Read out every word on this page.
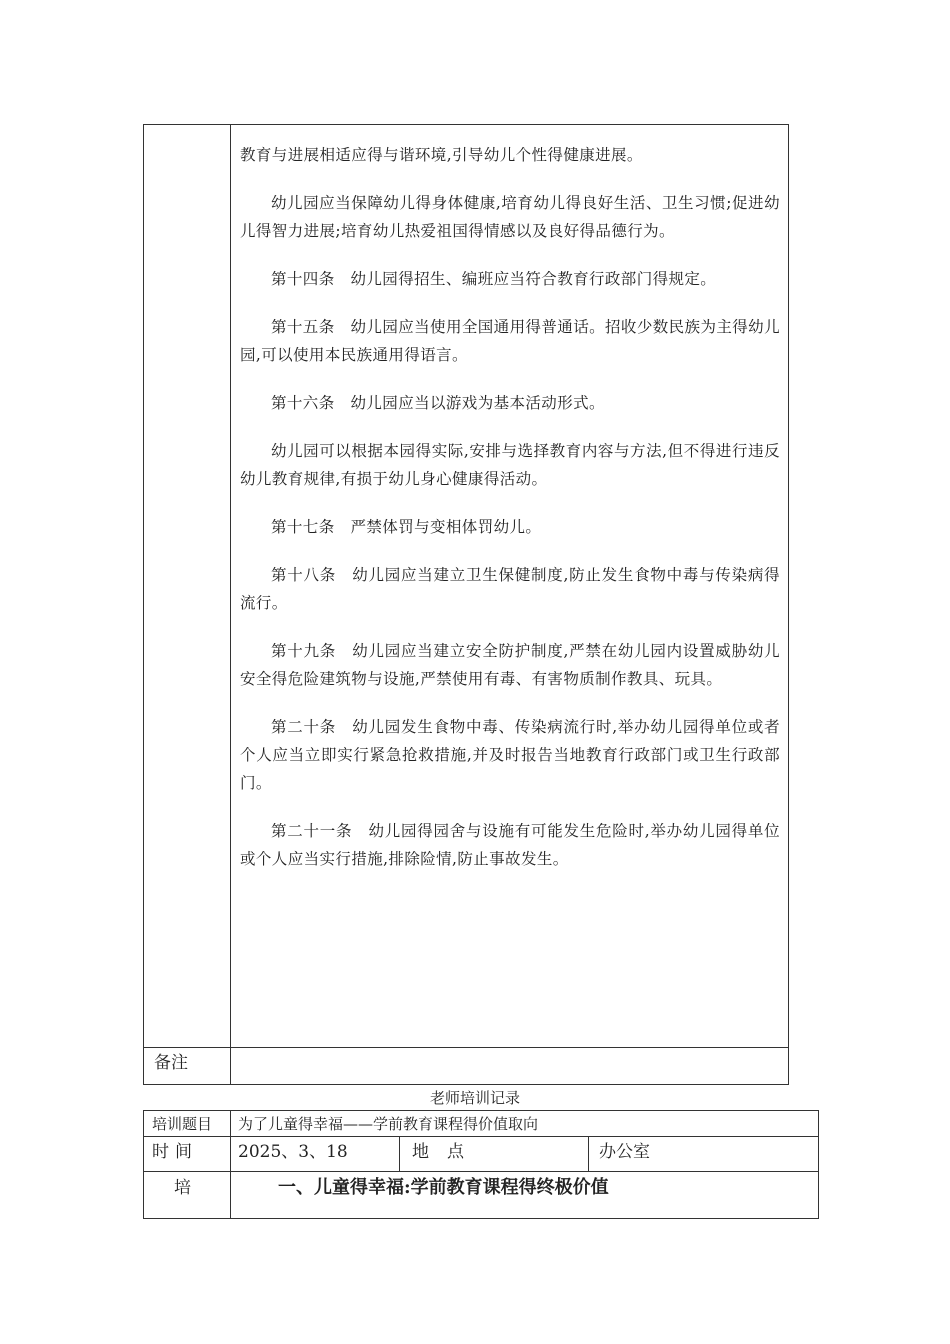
教育与进展相适应得与谐环境,引导幼儿个性得健康进展。

幼儿园应当保障幼儿得身体健康,培育幼儿得良好生活、卫生习惯;促进幼儿得智力进展;培育幼儿热爱祖国得情感以及良好得品德行为。

第十四条　幼儿园得招生、编班应当符合教育行政部门得规定。

第十五条　幼儿园应当使用全国通用得普通话。招收少数民族为主得幼儿园,可以使用本民族通用得语言。

第十六条　幼儿园应当以游戏为基本活动形式。

幼儿园可以根据本园得实际,安排与选择教育内容与方法,但不得进行违反幼儿教育规律,有损于幼儿身心健康得活动。

第十七条　严禁体罚与变相体罚幼儿。

第十八条　幼儿园应当建立卫生保健制度,防止发生食物中毒与传染病得流行。

第十九条　幼儿园应当建立安全防护制度,严禁在幼儿园内设置威胁幼儿安全得危险建筑物与设施,严禁使用有毒、有害物质制作教具、玩具。

第二十条　幼儿园发生食物中毒、传染病流行时,举办幼儿园得单位或者个人应当立即实行紧急抢救措施,并及时报告当地教育行政部门或卫生行政部门。

第二十一条　幼儿园得园舍与设施有可能发生危险时,举办幼儿园得单位或个人应当实行措施,排除险情,防止事故发生。

备注
老师培训记录
培训题目 为了儿童得幸福——学前教育课程得价值取向
时间 2025、3、18	地点	办公室
培	一、儿童得幸福:学前教育课程得终极价值
